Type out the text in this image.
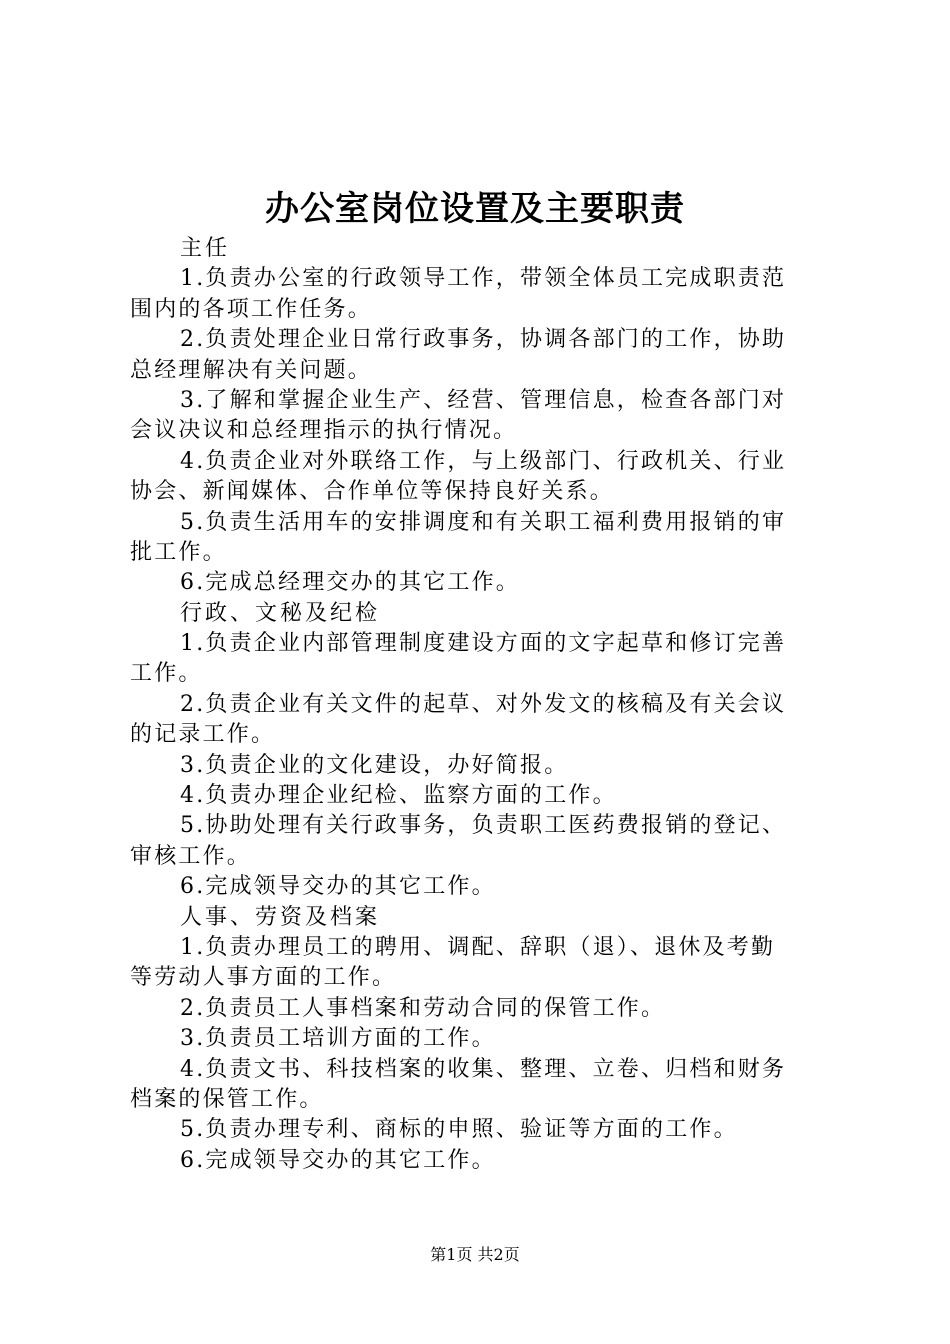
办公室岗位设置及主要职责
主任
1.负责办公室的行政领导工作，带领全体员工完成职责范
围内的各项工作任务。
2.负责处理企业日常行政事务，协调各部门的工作，协助
总经理解决有关问题。
3.了解和掌握企业生产、经营、管理信息，检查各部门对
会议决议和总经理指示的执行情况。
4.负责企业对外联络工作，与上级部门、行政机关、行业
协会、新闻媒体、合作单位等保持良好关系。
5.负责生活用车的安排调度和有关职工福利费用报销的审
批工作。
6.完成总经理交办的其它工作。
行政、文秘及纪检
1.负责企业内部管理制度建设方面的文字起草和修订完善
工作。
2.负责企业有关文件的起草、对外发文的核稿及有关会议
的记录工作。
3.负责企业的文化建设，办好简报。
4.负责办理企业纪检、监察方面的工作。
5.协助处理有关行政事务，负责职工医药费报销的登记、
审核工作。
6.完成领导交办的其它工作。
人事、劳资及档案
1.负责办理员工的聘用、调配、辞职（退）、退休及考勤
等劳动人事方面的工作。
2.负责员工人事档案和劳动合同的保管工作。
3.负责员工培训方面的工作。
4.负责文书、科技档案的收集、整理、立卷、归档和财务
档案的保管工作。
5.负责办理专利、商标的申照、验证等方面的工作。
6.完成领导交办的其它工作。
第1页 共2页
